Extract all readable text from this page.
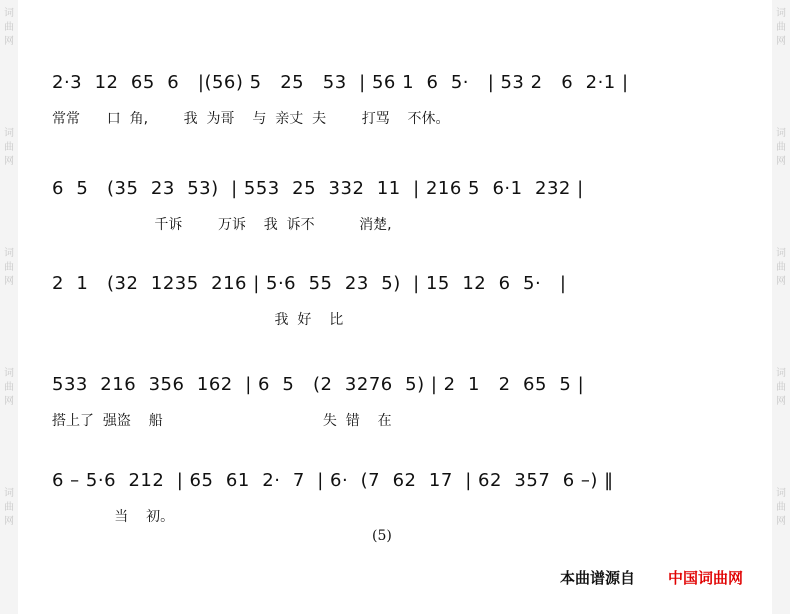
词
曲
网
词
曲
网
词
曲
网
词
曲
网
词
曲
网
词
曲
网
词
曲
网
词
曲
网
词
曲
网
词
曲
网
2·3  12  65  6   |(56) 5   25   53  | 56 1  6  5·   | 53 2   6  2·1 |
常常      口  角,        我  为哥    与  亲丈  夫        打骂    不休。
6  5   (35  23  53)  | 553  25  332  11  | 216 5  6·1  232 |
千诉        万诉    我  诉不          消楚,
2  1   (32  1235  216 | 5·6  55  23  5)  | 15  12  6  5·   |
我  好    比
533  216  356  162  | 6  5   (2  3276  5) | 2  1   2  65  5 |
搭上了  强盗    船                                    失  错    在
6 – 5·6  212  | 65  61  2·  7  | 6·  (7  62  17  | 62  357  6 –) ‖
当    初。
(5)
本曲谱源自 中国词曲网
